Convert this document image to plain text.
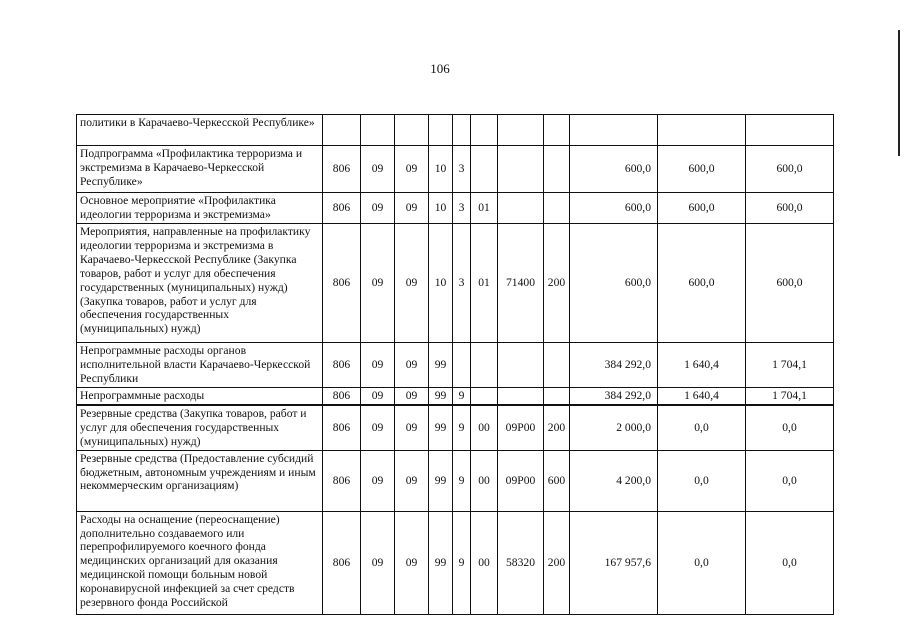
106
политики в Карачаево-Черкесской Республике»											
Подпрограмма «Профилактика терроризма и экстремизма в Карачаево-Черкесской Республике»	806	09	09	10	3				600,0	600,0	600,0
Основное мероприятие «Профилактика идеологии терроризма и экстремизма»	806	09	09	10	3	01			600,0	600,0	600,0
Мероприятия, направленные на профилактику идеологии терроризма и экстремизма в Карачаево-Черкесской Республике (Закупка товаров, работ и услуг для обеспечения государственных (муниципальных) нужд) (Закупка товаров, работ и услуг для обеспечения государственных (муниципальных) нужд)	806	09	09	10	3	01	71400	200	600,0	600,0	600,0
Непрограммные расходы органов исполнительной власти Карачаево-Черкесской Республики	806	09	09	99					384 292,0	1 640,4	1 704,1
Непрограммные расходы	806	09	09	99	9				384 292,0	1 640,4	1 704,1
Резервные средства (Закупка товаров, работ и услуг для обеспечения государственных (муниципальных) нужд)	806	09	09	99	9	00	09Р00	200	2 000,0	0,0	0,0
Резервные средства (Предоставление субсидий бюджетным, автономным учреждениям и иным некоммерческим организациям)	806	09	09	99	9	00	09Р00	600	4 200,0	0,0	0,0
Расходы на оснащение (переоснащение) дополнительно создаваемого или перепрофилируемого коечного фонда медицинских организаций для оказания медицинской помощи больным новой коронавирусной инфекцией за счет средств резервного фонда Российской	806	09	09	99	9	00	58320	200	167 957,6	0,0	0,0
